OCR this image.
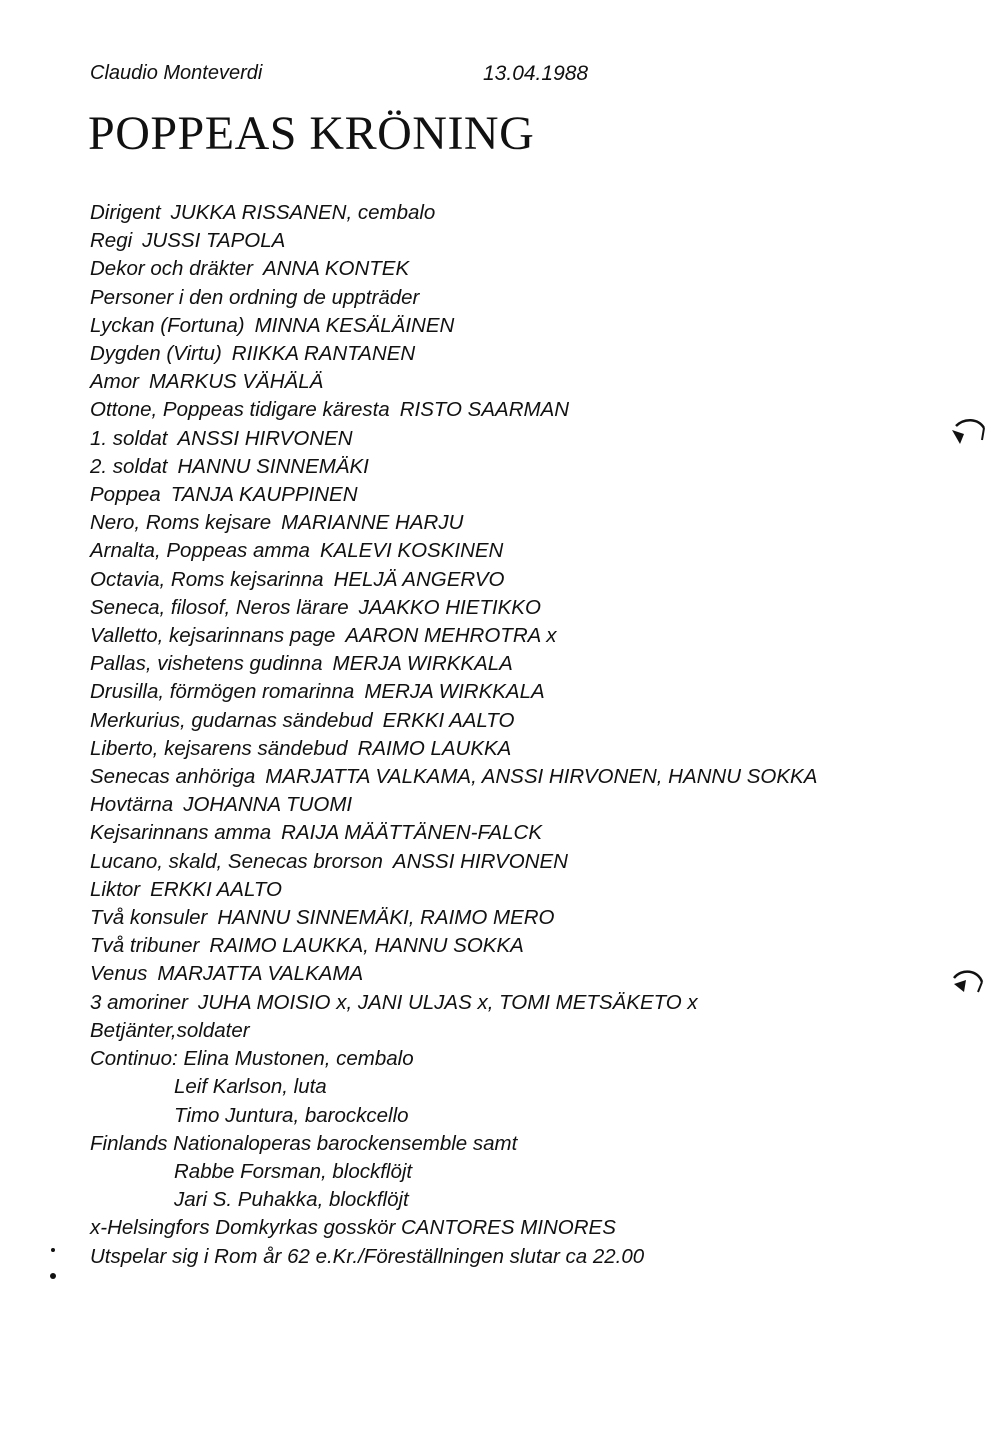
Claudio Monteverdi	13.04.1988
POPPEAS KRÖNING
Dirigent JUKKA RISSANEN, cembalo
Regi JUSSI TAPOLA
Dekor och dräkter ANNA KONTEK
Personer i den ordning de uppträder
Lyckan (Fortuna) MINNA KESÄLÄINEN
Dygden (Virtu) RIIKKA RANTANEN
Amor MARKUS VÄHÄLÄ
Ottone, Poppeas tidigare käresta RISTO SAARMAN
1. soldat ANSSI HIRVONEN
2. soldat HANNU SINNEMÄKI
Poppea TANJA KAUPPINEN
Nero, Roms kejsare MARIANNE HARJU
Arnalta, Poppeas amma KALEVI KOSKINEN
Octavia, Roms kejsarinna HELJÄ ANGERVO
Seneca, filosof, Neros lärare JAAKKO HIETIKKO
Valletto, kejsarinnans page AARON MEHROTRA x
Pallas, vishetens gudinna MERJA WIRKKALA
Drusilla, förmögen romarinna MERJA WIRKKALA
Merkurius, gudarnas sändebud ERKKI AALTO
Liberto, kejsarens sändebud RAIMO LAUKKA
Senecas anhöriga MARJATTA VALKAMA, ANSSI HIRVONEN, HANNU SOKKA
Hovtärna JOHANNA TUOMI
Kejsarinnans amma RAIJA MÄÄTTÄNEN-FALCK
Lucano, skald, Senecas brorson ANSSI HIRVONEN
Liktor ERKKI AALTO
Två konsuler HANNU SINNEMÄKI, RAIMO MERO
Två tribuner RAIMO LAUKKA, HANNU SOKKA
Venus MARJATTA VALKAMA
3 amoriner JUHA MOISIO x, JANI ULJAS x, TOMI METSÄKETO x
Betjänter,soldater
Continuo: Elina Mustonen, cembalo
Leif Karlson, luta
Timo Juntura, barockcello
Finlands Nationaloperas barockensemble samt
Rabbe Forsman, blockflöjt
Jari S. Puhakka, blockflöjt
x-Helsingfors Domkyrkas gosskör CANTORES MINORES
Utspelar sig i Rom år 62 e.Kr./Föreställningen slutar ca 22.00
